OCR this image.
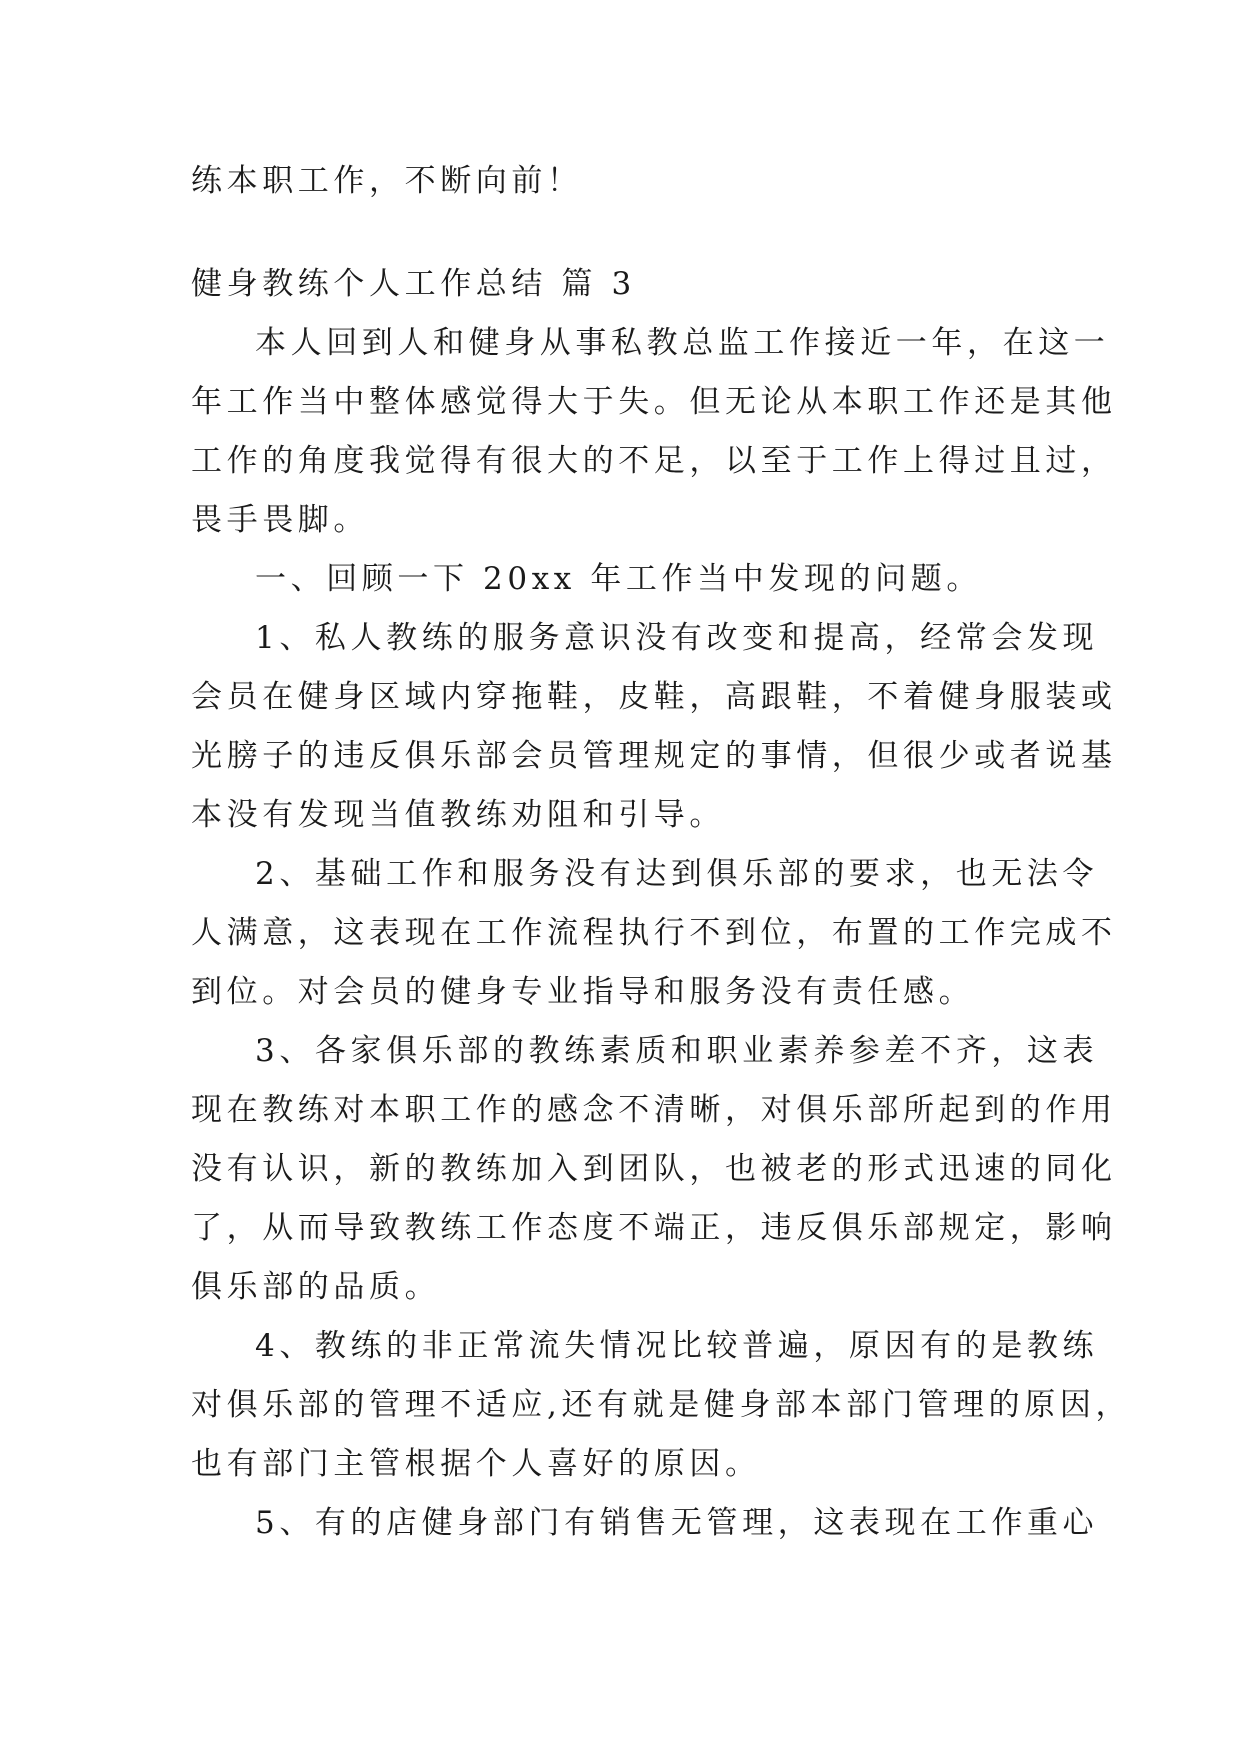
练本职工作，不断向前！
健身教练个人工作总结 篇 3
本人回到人和健身从事私教总监工作接近一年，在这一
年工作当中整体感觉得大于失。但无论从本职工作还是其他
工作的角度我觉得有很大的不足，以至于工作上得过且过，
畏手畏脚。
一、回顾一下 20xx 年工作当中发现的问题。
1、私人教练的服务意识没有改变和提高，经常会发现
会员在健身区域内穿拖鞋，皮鞋，高跟鞋，不着健身服装或
光膀子的违反俱乐部会员管理规定的事情，但很少或者说基
本没有发现当值教练劝阻和引导。
2、基础工作和服务没有达到俱乐部的要求，也无法令
人满意，这表现在工作流程执行不到位，布置的工作完成不
到位。对会员的健身专业指导和服务没有责任感。
3、各家俱乐部的教练素质和职业素养参差不齐，这表
现在教练对本职工作的感念不清晰，对俱乐部所起到的作用
没有认识，新的教练加入到团队，也被老的形式迅速的同化
了，从而导致教练工作态度不端正，违反俱乐部规定，影响
俱乐部的品质。
4、教练的非正常流失情况比较普遍，原因有的是教练
对俱乐部的管理不适应,还有就是健身部本部门管理的原因，
也有部门主管根据个人喜好的原因。
5、有的店健身部门有销售无管理，这表现在工作重心
